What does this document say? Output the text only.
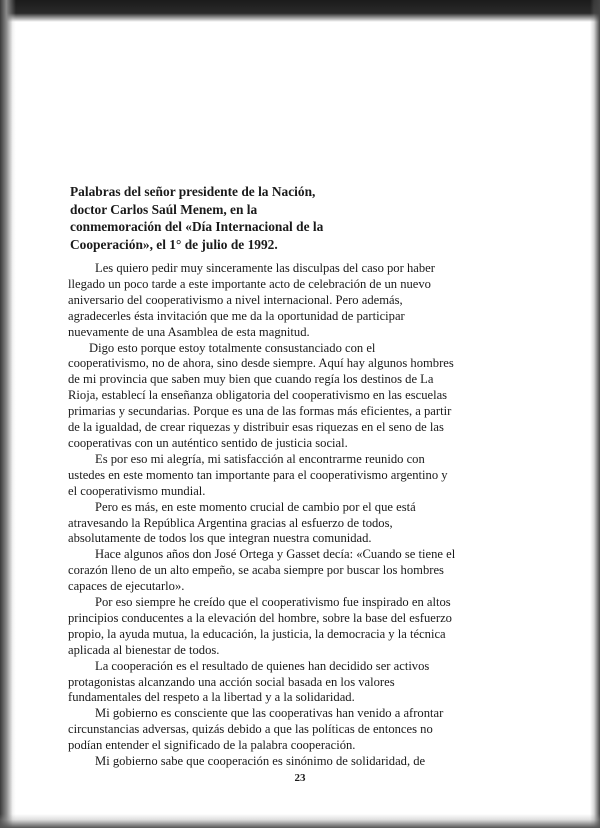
Palabras del señor presidente de la Nación,
doctor Carlos Saúl Menem, en la
conmemoración del «Día Internacional de la
Cooperación», el 1° de julio de 1992.

Les quiero pedir muy sinceramente las disculpas del caso por haber
llegado un poco tarde a este importante acto de celebración de un nuevo
aniversario del cooperativismo a nivel internacional. Pero además,
agradecerles ésta invitación que me da la oportunidad de participar
nuevamente de una Asamblea de esta magnitud.

Digo esto porque estoy totalmente consustanciado con el
cooperativismo, no de ahora, sino desde siempre. Aquí hay algunos hombres
de mi provincia que saben muy bien que cuando regía los destinos de La
Rioja, establecí la enseñanza obligatoria del cooperativismo en las escuelas
primarias y secundarias. Porque es una de las formas más eficientes, a partir
de la igualdad, de crear riquezas y distribuir esas riquezas en el seno de las
cooperativas con un auténtico sentido de justicia social.

Es por eso mi alegría, mi satisfacción al encontrarme reunido con
ustedes en este momento tan importante para el cooperativismo argentino y
el cooperativismo mundial.

Pero es más, en este momento crucial de cambio por el que está
atravesando la República Argentina gracias al esfuerzo de todos,
absolutamente de todos los que integran nuestra comunidad.

Hace algunos años don José Ortega y Gasset decía: «Cuando se tiene el
corazón lleno de un alto empeño, se acaba siempre por buscar los hombres
capaces de ejecutarlo».

Por eso siempre he creído que el cooperativismo fue inspirado en altos
principios conducentes a la elevación del hombre, sobre la base del esfuerzo
propio, la ayuda mutua, la educación, la justicia, la democracia y la técnica
aplicada al bienestar de todos.

La cooperación es el resultado de quienes han decidido ser activos
protagonistas alcanzando una acción social basada en los valores
fundamentales del respeto a la libertad y a la solidaridad.

Mi gobierno es consciente que las cooperativas han venido a afrontar
circunstancias adversas, quizás debido a que las políticas de entonces no
podían entender el significado de la palabra cooperación.

Mi gobierno sabe que cooperación es sinónimo de solidaridad, de

23
